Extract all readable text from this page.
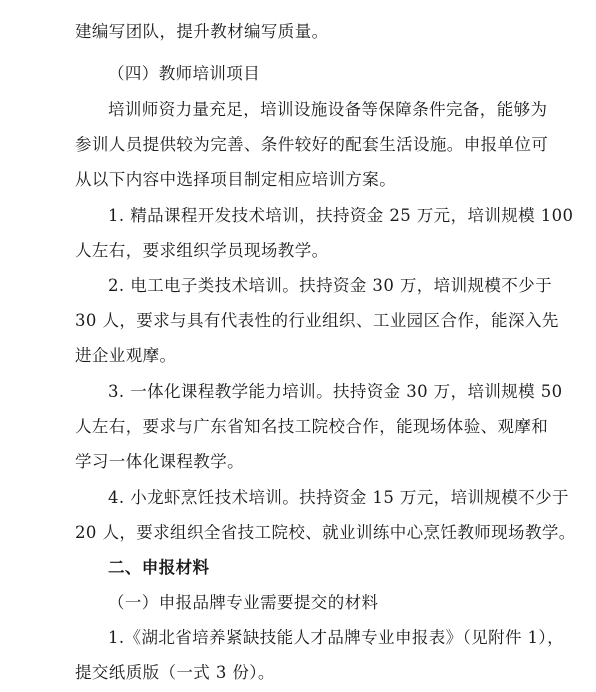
建编写团队，提升教材编写质量。
（四）教师培训项目
培训师资力量充足，培训设施设备等保障条件完备，能够为
参训人员提供较为完善、条件较好的配套生活设施。申报单位可
从以下内容中选择项目制定相应培训方案。
1. 精品课程开发技术培训，扶持资金 25 万元，培训规模 100
人左右，要求组织学员现场教学。
2. 电工电子类技术培训。扶持资金 30 万，培训规模不少于
30 人，要求与具有代表性的行业组织、工业园区合作，能深入先
进企业观摩。
3. 一体化课程教学能力培训。扶持资金 30 万，培训规模 50
人左右，要求与广东省知名技工院校合作，能现场体验、观摩和
学习一体化课程教学。
4. 小龙虾烹饪技术培训。扶持资金 15 万元，培训规模不少于
20 人，要求组织全省技工院校、就业训练中心烹饪教师现场教学。
二、申报材料
（一）申报品牌专业需要提交的材料
1.《湖北省培养紧缺技能人才品牌专业申报表》（见附件 1），
提交纸质版（一式 3 份）。
